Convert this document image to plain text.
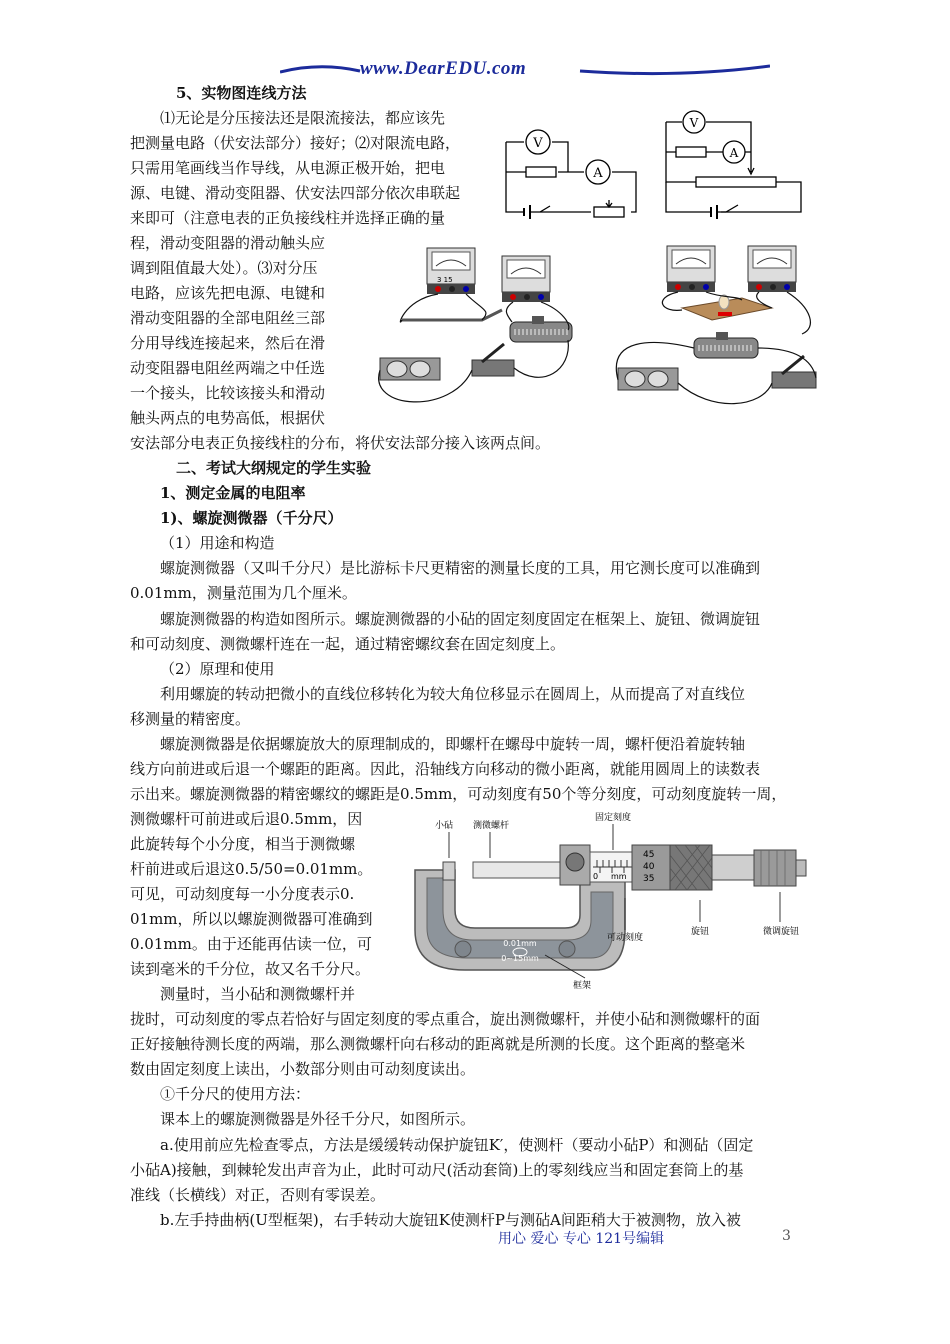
www.DearEDU.com
5、实物图连线方法
⑴无论是分压接法还是限流接法，都应该先
把测量电路（伏安法部分）接好；⑵对限流电路，
只需用笔画线当作导线，从电源正极开始，把电
源、电键、滑动变阻器、伏安法四部分依次串联起
来即可（注意电表的正负接线柱并选择正确的量
程，滑动变阻器的滑动触头应
调到阻值最大处）。⑶对分压
电路，应该先把电源、电键和
滑动变阻器的全部电阻丝三部
分用导线连接起来，然后在滑
动变阻器电阻丝两端之中任选
一个接头，比较该接头和滑动
触头两点的电势高低，根据伏
安法部分电表正负接线柱的分布，将伏安法部分接入该两点间。
V
A
V
A
3 15
二、考试大纲规定的学生实验
1、测定金属的电阻率
1)、螺旋测微器（千分尺）
（1）用途和构造
螺旋测微器（又叫千分尺）是比游标卡尺更精密的测量长度的工具，用它测长度可以准确到
0.01mm，测量范围为几个厘米。
螺旋测微器的构造如图所示。螺旋测微器的小砧的固定刻度固定在框架上、旋钮、微调旋钮
和可动刻度、测微螺杆连在一起，通过精密螺纹套在固定刻度上。
（2）原理和使用
利用螺旋的转动把微小的直线位移转化为较大角位移显示在圆周上，从而提高了对直线位
移测量的精密度。
螺旋测微器是依据螺旋放大的原理制成的，即螺杆在螺母中旋转一周，螺杆便沿着旋转轴
线方向前进或后退一个螺距的距离。因此，沿轴线方向移动的微小距离，就能用圆周上的读数表
示出来。螺旋测微器的精密螺纹的螺距是0.5mm，可动刻度有50个等分刻度，可动刻度旋转一周，
测微螺杆可前进或后退0.5mm，因
此旋转每个小分度，相当于测微螺
杆前进或后退这0.5/50=0.01mm。
可见，可动刻度每一小分度表示0.
01mm，所以以螺旋测微器可准确到
0.01mm。由于还能再估读一位，可
读到毫米的千分位，故又名千分尺。
测量时，当小砧和测微螺杆并
拢时，可动刻度的零点若恰好与固定刻度的零点重合，旋出测微螺杆，并使小砧和测微螺杆的面
正好接触待测长度的两端，那么测微螺杆向右移动的距离就是所测的长度。这个距离的整毫米
数由固定刻度上读出，小数部分则由可动刻度读出。
①千分尺的使用方法：
课本上的螺旋测微器是外径千分尺，如图所示。
a.使用前应先检查零点，方法是缓缓转动保护旋钮K′，使测杆（要动小砧P）和测砧（固定
小砧A)接触，到棘轮发出声音为止，此时可动尺(活动套筒)上的零刻线应当和固定套筒上的基
准线（长横线）对正，否则有零误差。
b.左手持曲柄(U型框架)，右手转动大旋钮K使测杆P与测砧A间距稍大于被测物，放入被
45
40
35
0 mm
0.01mm
0~15mm
小砧 测微螺杆
固定刻度
可动刻度
旋钮	微调旋钮
框架
用心 爱心 专心 121号编辑	3
